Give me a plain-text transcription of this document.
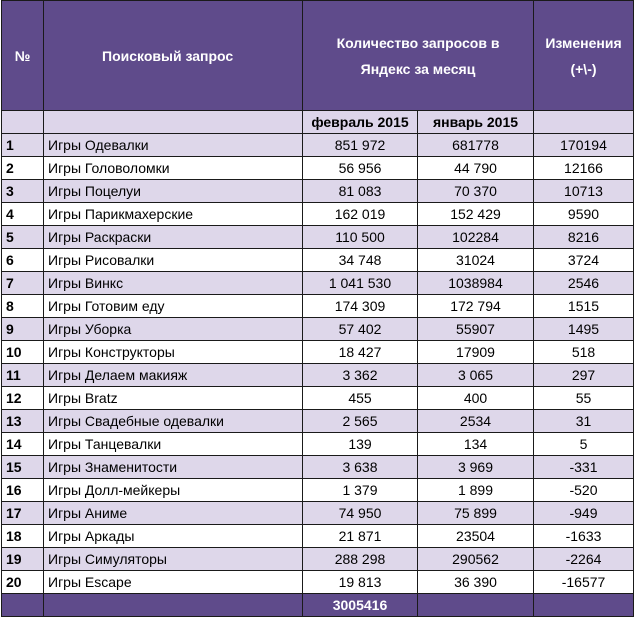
№	Поисковый запрос	Количество запросов в Яндекс за месяц		Изменения (+\-)

		февраль 2015	январь 2015	
1	Игры Одевалки	851 972	681778	170194
2	Игры Головоломки	56 956	44 790	12166
3	Игры Поцелуи	81 083	70 370	10713
4	Игры Парикмахерские	162 019	152 429	9590
5	Игры Раскраски	110 500	102284	8216
6	Игры Рисовалки	34 748	31024	3724
7	Игры Винкс	1 041 530	1038984	2546
8	Игры Готовим еду	174 309	172 794	1515
9	Игры Уборка	57 402	55907	1495
10	Игры Конструкторы	18 427	17909	518
11	Игры Делаем макияж	3 362	3 065	297
12	Игры Bratz	455	400	55
13	Игры Свадебные одевалки	2 565	2534	31
14	Игры Танцевалки	139	134	5
15	Игры Знаменитости	3 638	3 969	-331
16	Игры Долл-мейкеры	1 379	1 899	-520
17	Игры Аниме	74 950	75 899	-949
18	Игры Аркады	21 871	23504	-1633
19	Игры Симуляторы	288 298	290562	-2264
20	Игры Escape	19 813	36 390	-16577
		3005416		
